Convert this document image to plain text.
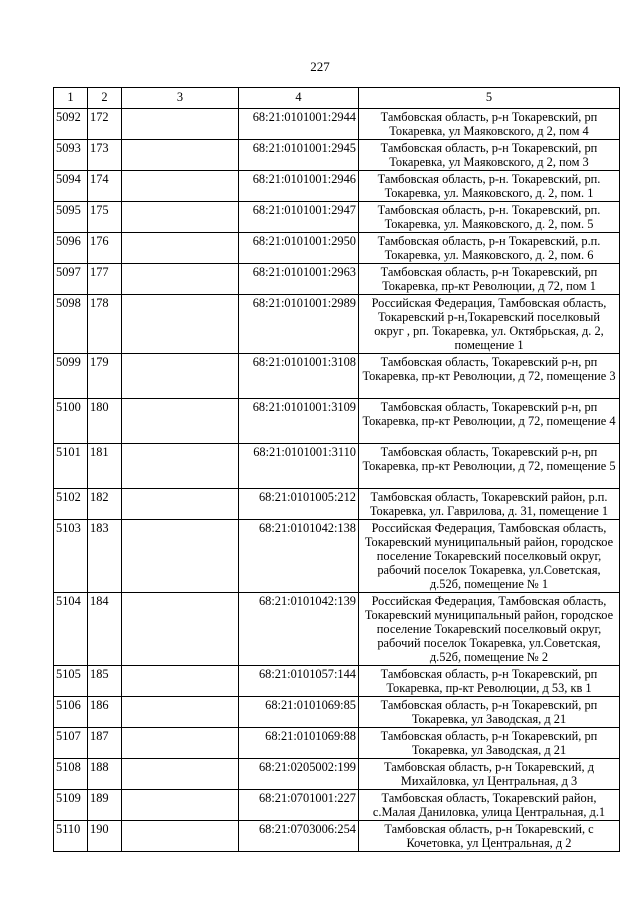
227
1	2	3	4	5
5092	172		68:21:0101001:2944	Тамбовская область, р-н Токаревский, рп
Токаревка, ул Маяковского, д 2, пом 4

5093	173		68:21:0101001:2945	Тамбовская область, р-н Токаревский, рп
Токаревка, ул Маяковского, д 2, пом 3

5094	174		68:21:0101001:2946	Тамбовская область, р-н. Токаревский, рп.
Токаревка, ул. Маяковского, д. 2, пом. 1

5095	175		68:21:0101001:2947	Тамбовская область, р-н. Токаревский, рп.
Токаревка, ул. Маяковского, д. 2, пом. 5

5096	176		68:21:0101001:2950	Тамбовская область, р-н Токаревский, р.п.
Токаревка, ул. Маяковского, д. 2, пом. 6

5097	177		68:21:0101001:2963	Тамбовская область, р-н Токаревский, рп
Токаревка, пр-кт Революции, д 72, пом 1

5098	178		68:21:0101001:2989	Российская Федерация, Тамбовская область,
Токаревский р-н,Токаревский поселковый
округ , рп. Токаревка, ул. Октябрьская, д. 2,
помещение 1

5099	179		68:21:0101001:3108	Тамбовская область, Токаревский р-н, рп
Токаревка, пр-кт Революции, д 72, помещение 3

5100	180		68:21:0101001:3109	Тамбовская область, Токаревский р-н, рп
Токаревка, пр-кт Революции, д 72, помещение 4

5101	181		68:21:0101001:3110	Тамбовская область, Токаревский р-н, рп
Токаревка, пр-кт Революции, д 72, помещение 5

5102	182		68:21:0101005:212	Тамбовская область, Токаревский район, р.п.
Токаревка, ул. Гаврилова, д. 31, помещение 1

5103	183		68:21:0101042:138	Российская Федерация, Тамбовская область,
Токаревский муниципальный район, городское
поселение Токаревский поселковый округ,
рабочий поселок Токаревка, ул.Советская,
д.52б, помещение № 1

5104	184		68:21:0101042:139	Российская Федерация, Тамбовская область,
Токаревский муниципальный район, городское
поселение Токаревский поселковый округ,
рабочий поселок Токаревка, ул.Советская,
д.52б, помещение № 2

5105	185		68:21:0101057:144	Тамбовская область, р-н Токаревский, рп
Токаревка, пр-кт Революции, д 53, кв 1

5106	186		68:21:0101069:85	Тамбовская область, р-н Токаревский, рп
Токаревка, ул Заводская, д 21

5107	187		68:21:0101069:88	Тамбовская область, р-н Токаревский, рп
Токаревка, ул Заводская, д 21

5108	188		68:21:0205002:199	Тамбовская область, р-н Токаревский, д
Михайловка, ул Центральная, д 3

5109	189		68:21:0701001:227	Тамбовская область, Токаревский район,
с.Малая Даниловка, улица Центральная, д.1

5110	190		68:21:0703006:254	Тамбовская область, р-н Токаревский, с
Кочетовка, ул Центральная, д 2
